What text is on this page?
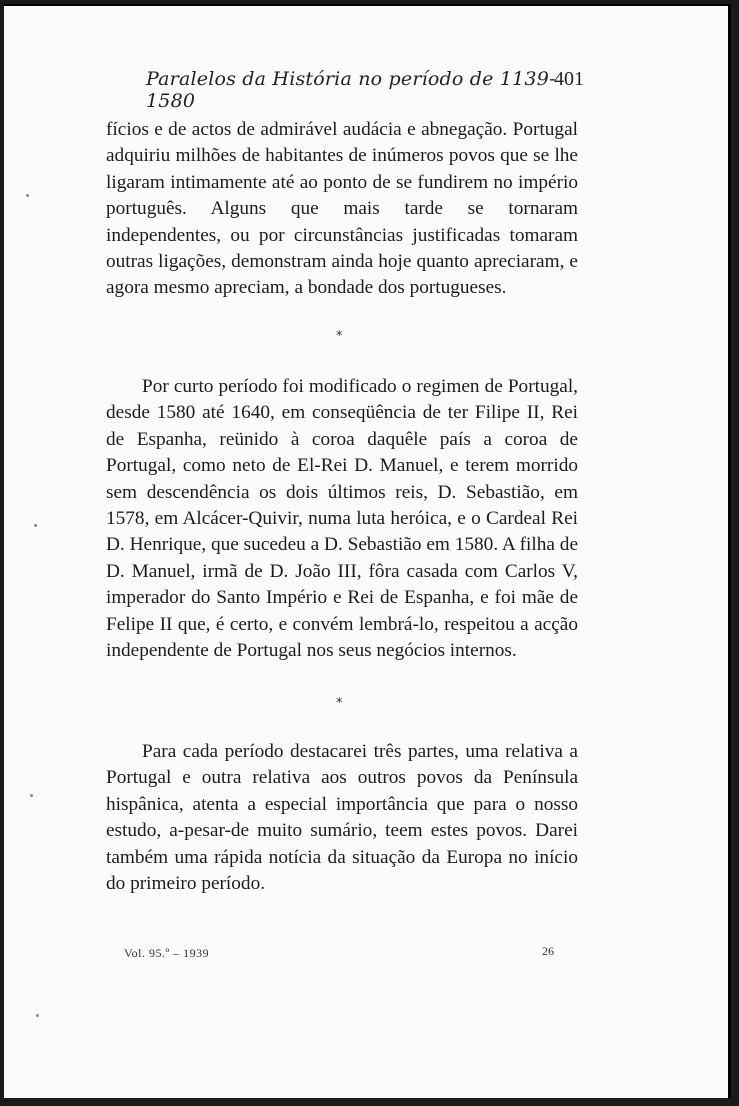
Paralelos da História no período de 1139-1580
401

fícios e de actos de admirável audácia e abnegação. Portugal adquiriu milhões de habitantes de inúmeros povos que se lhe ligaram intimamente até ao ponto de se fundirem no império português. Alguns que mais tarde se tornaram independentes, ou por circunstâncias justificadas tomaram outras ligações, demonstram ainda hoje quanto apreciaram, e agora mesmo apreciam, a bondade dos portugueses.

*

Por curto período foi modificado o regimen de Portugal, desde 1580 até 1640, em conseqüência de ter Filipe II, Rei de Espanha, reünido à coroa daquêle país a coroa de Portugal, como neto de El-Rei D. Manuel, e terem morrido sem descendência os dois últimos reis, D. Sebastião, em 1578, em Alcácer-Quivir, numa luta heróica, e o Cardeal Rei D. Henrique, que sucedeu a D. Sebastião em 1580. A filha de D. Manuel, irmã de D. João III, fôra casada com Carlos V, imperador do Santo Império e Rei de Espanha, e foi mãe de Felipe II que, é certo, e convém lembrá-lo, respeitou a acção independente de Portugal nos seus negócios internos.

*

Para cada período destacarei três partes, uma relativa a Portugal e outra relativa aos outros povos da Península hispânica, atenta a especial importância que para o nosso estudo, a-pesar-de muito sumário, teem estes povos. Darei também uma rápida notícia da situação da Europa no início do primeiro período.

Vol. 95.º – 1939	26
